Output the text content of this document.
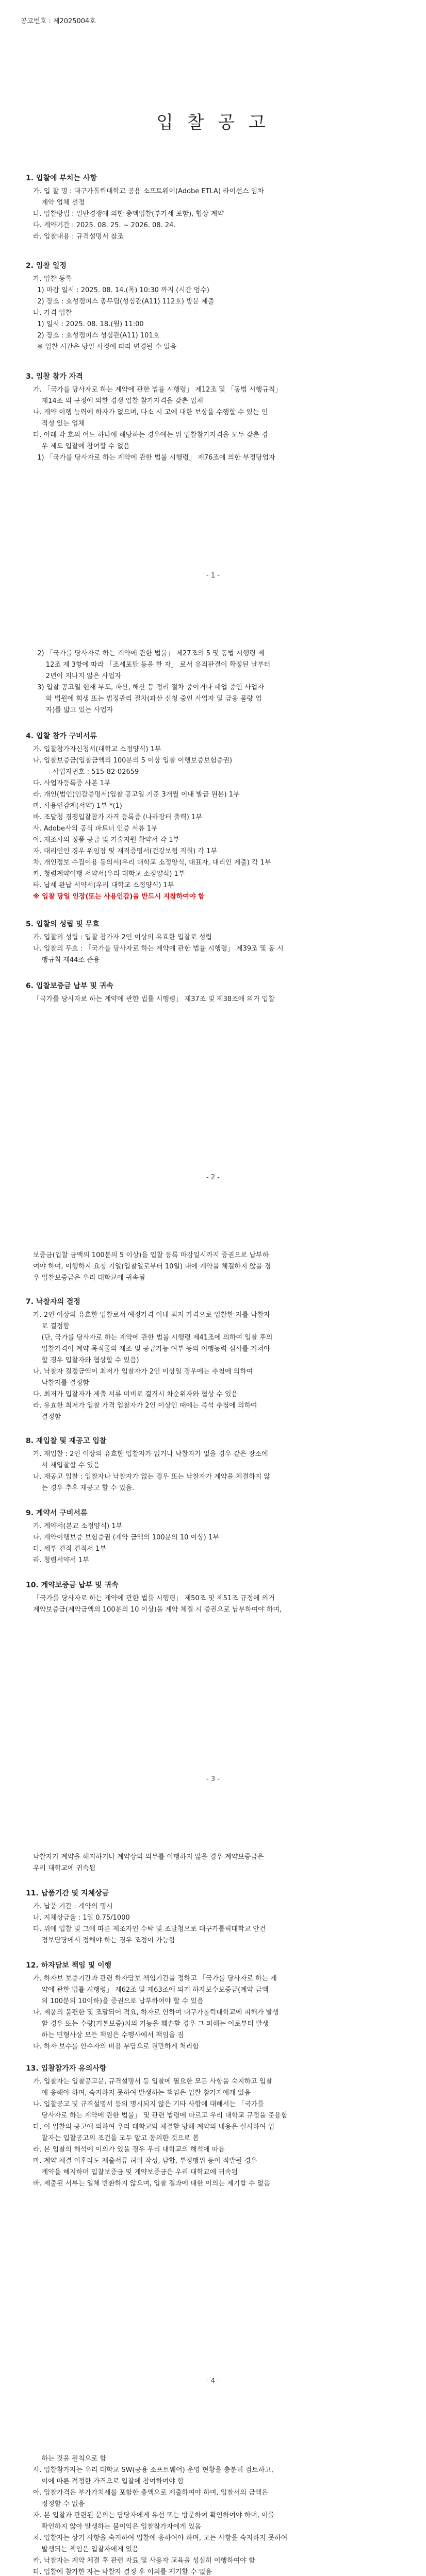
공고번호 : 제2025004호
입 찰 공 고
1. 입찰에 부치는 사항
가. 입 찰 명 : 대구가톨릭대학교 공용 소프트웨어(Adobe ETLA) 라이선스 임차
계약 업체 선정
나. 입찰방법 : 일반경쟁에 의한 총액입찰(부가세 포함), 협상 계약
다. 계약기간 : 2025. 08. 25. ~ 2026. 08. 24.
라. 입찰내용 : 규격설명서 참조
2. 입찰 일정
가. 입찰 등록
1) 마감 일시 : 2025. 08. 14.(목) 10:30 까지 (시간 엄수)
2) 장소 : 효성캠퍼스 총무팀(성심관(A11) 112호) 방문 제출
나. 가격 입찰
1) 일시 : 2025. 08. 18.(월) 11:00
2) 장소 : 효성캠퍼스 성심관(A11) 101호
※ 입찰 시간은 당일 사정에 따라 변경될 수 있음
3. 입찰 참가 자격
가. 「국가를 당사자로 하는 계약에 관한 법률 시행령」 제12조 및 「동법 시행규칙」
제14조 의 규정에 의한 경쟁 입찰 참가자격을 갖춘 업체
나. 계약 이행 능력에 하자가 없으며, 다소 시 고에 대한 보상을 수행할 수 있는 인
적성 있는 업체
다. 아래 각 호의 어느 하나에 해당하는 경우에는 위 입찰참가자격을 모두 갖춘 경
우 제도 입찰에 참여할 수 없음
1) 「국가를 당사자로 하는 계약에 관한 법률 시행령」 제76조에 의한 부정당업자
- 1 -
2) 「국가를 당사자로 하는 계약에 관한 법률」 제27조의 5 및 동법 시행령 제
12조 제 3항에 따라 「조세포탈 등을 한 자」 로서 유죄판결이 확정된 날부터
2년이 지나지 않은 사업자
3) 입찰 공고일 현재 부도, 파산, 해산 등 정리 절차 중이거나 폐업 중인 사업자
와 법원에 회생 또는 법정관리 절차(파산 신청 중인 사업자 및 금융 불량 업
자)를 밟고 있는 사업자
4. 입찰 참가 구비서류
가. 입찰참가자신청서(대학교 소정양식) 1부
나. 입찰보증금(입찰금액의 100분의 5 이상 입찰 이행보증보험증권)
- 사업자번호 : 515-82-02659
다. 사업자등록증 사본 1부
라. 개인(법인)인감증명서(입찰 공고일 기준 3개월 이내 발급 원본) 1부
마. 사용인감계(서약) 1부 *(1)
바. 조달청 경쟁입찰참가 자격 등록증 (나라장터 출력) 1부
사. Adobe사의 공식 파트너 인증 서류 1부
아. 제조사의 정품 공급 및 기술지원 확약서 각 1부
자. 대리인인 경우 위임장 및 재직증명서(건강보험 직원) 각 1부
차. 개인정보 수집이용 동의서(우리 대학교 소정양식, 대표자, 대리인 제출) 각 1부
카. 청렴계약이행 서약서(우리 대학교 소정양식) 1부
타. 납세 완납 서약서(우리 대학교 소정양식) 1부
※ 입찰 당일 인장(또는 사용인감)을 반드시 지참하여야 함
5. 입찰의 성립 및 무효
가. 입찰의 성립 : 입찰 참가자 2인 이상의 유효한 입찰로 성립
나. 입찰의 무효 : 「국가를 당사자로 하는 계약에 관한 법률 시행령」 제39조 및 동 시
행규칙 제44조 준용
6. 입찰보증금 납부 및 귀속
「국가를 당사자로 하는 계약에 관한 법률 시행령」 제37조 및 제38조에 의거 입찰
- 2 -
보증금(입찰 금액의 100분의 5 이상)을 입찰 등록 마감일시까지 증권으로 납부하
여야 하며, 이행하지 요청 기일(입찰일로부터 10일) 내에 계약을 체결하지 않을 경
우 입찰보증금은 우리 대학교에 귀속됨
7. 낙찰자의 결정
가. 2인 이상의 유효한 입찰로서 예정가격 이내 최저 가격으로 입찰한 자를 낙찰자
로 결정함
(단, 국가를 당사자로 하는 계약에 관한 법률 시행령 제41조에 의하여 입찰 후의
입찰가격이 계약 목적물의 제조 및 공급가능 여부 등의 이행능력 심사를 거쳐야
할 경우 입찰자와 협상할 수 있음)
나. 낙찰자 결정금액이 최저가 입찰자가 2인 이상일 경우에는 추첨에 의하여
낙찰자를 결정함
다. 최저가 입찰자가 제출 서류 미비로 결격시 차순위자와 협상 수 있음
라. 유효한 최저가 입찰 가격 입찰자가 2인 이상인 때에는 즉석 추첨에 의하여
결정함
8. 재입찰 및 재공고 입찰
가. 재입찰 : 2인 이상의 유효한 입찰자가 없거나 낙찰자가 없을 경우 같은 장소에
서 재입찰할 수 있음
나. 재공고 입찰 : 입찰자나 낙찰자가 없는 경우 또는 낙찰자가 계약을 체결하지 않
는 경우 추후 재공고 할 수 있음.
9. 계약서 구비서류
가. 계약서(본교 소정양식) 1부
나. 계약이행보증 보험증권 (계약 금액의 100분의 10 이상) 1부
다. 세부 견적 견적서 1부
라. 청렴서약서 1부
10. 계약보증금 납부 및 귀속
「국가를 당사자로 하는 계약에 관한 법률 시행령」 제50조 및 제51조 규정에 의거
계약보증금(계약금액의 100분의 10 이상)을 계약 체결 시 증권으로 납부하여야 하며,
- 3 -
낙찰자가 계약을 해지하거나 계약상의 의무를 이행하지 않을 경우 계약보증금은
우리 대학교에 귀속됨
11. 납품기간 및 지체상금
가. 납품 기간 : 계약의 명시
나. 지체상금율 : 1일 0.75/1000
다. 위에 입찰 및 그에 따른 제조자인 수탁 및 조달청으로 대구가톨릭대학교 안건
정보담당에서 정해야 하는 경우 조정이 가능함
12. 하자담보 책임 및 이행
가. 하자보 보증기간과 관련 하자담보 책임기간을 정하고 「국가를 당사자로 하는 계
약에 관한 법률 시행령」 제62조 및 제63조에 의거 하자보수보증금(계약 금액
의 100분의 10이하)을 증권으로 납부하여야 할 수 있음
나. 제품의 불편한 및 조달되어 적요, 하자로 인하여 대구가톨릭대학교에 피해가 발생
할 경우 또는 수량(기본보증)치의 기능을 훼손할 경우 그 피해는 이로부터 발생
하는 민형사상 모든 책임은 수행사에서 책임을 짐
다. 하자 보수를 안수자의 비용 부담으로 원만하게 처리함
13. 입찰참가자 유의사항
가. 입찰자는 입찰공고문, 규격설명서 등 입찰에 필요한 모든 사항을 숙지하고 입찰
에 응해야 하며, 숙지하지 못하여 발생하는 책임은 입찰 참가자에게 있음
나. 입찰공고 및 규격설명서 등의 명시되지 않은 기타 사항에 대해서는 「국가를
당사자로 하는 계약에 관한 법률」 및 관련 법령에 따르고 우리 대학교 규정을 준용함
다. 이 입찰의 공고에 의하여 우리 대학교와 체결할 당해 계약의 내용은 실시하여 입
찰자는 입찰공고의 조건을 모두 알고 동의한 것으로 봄
라. 본 입찰의 해석에 이의가 있을 경우 우리 대학교의 해석에 따름
마. 계약 체결 이후라도 제출서류 허위 작성, 담합, 부정행위 등이 적발될 경우
계약을 해지하며 입찰보증금 및 계약보증금은 우리 대학교에 귀속됨
바. 제출된 서류는 일체 반환하지 않으며, 입찰 결과에 대한 이의는 제기할 수 없음
- 4 -
하는 것을 원칙으로 함
사. 입찰참가자는 우리 대학교 SW(공용 소프트웨어) 운영 현황을 충분히 검토하고,
이에 따른 적정한 가격으로 입찰에 참여하여야 함
아. 입찰가격은 부가가치세를 포함한 총액으로 제출하여야 하며, 입찰서의 금액은
정정할 수 없음
자. 본 입찰과 관련된 문의는 담당자에게 유선 또는 방문하여 확인하여야 하며, 이를
확인하지 않아 발생하는 불이익은 입찰참가자에게 있음
차. 입찰자는 상기 사항을 숙지하여 입찰에 응하여야 하며, 모든 사항을 숙지하지 못하여
발생되는 책임은 입찰자에게 있음
카. 낙찰자는 계약 체결 후 관련 자료 및 사용자 교육을 성실히 이행하여야 함
타. 입찰에 참가한 자는 낙찰자 결정 후 이의를 제기할 수 없음
